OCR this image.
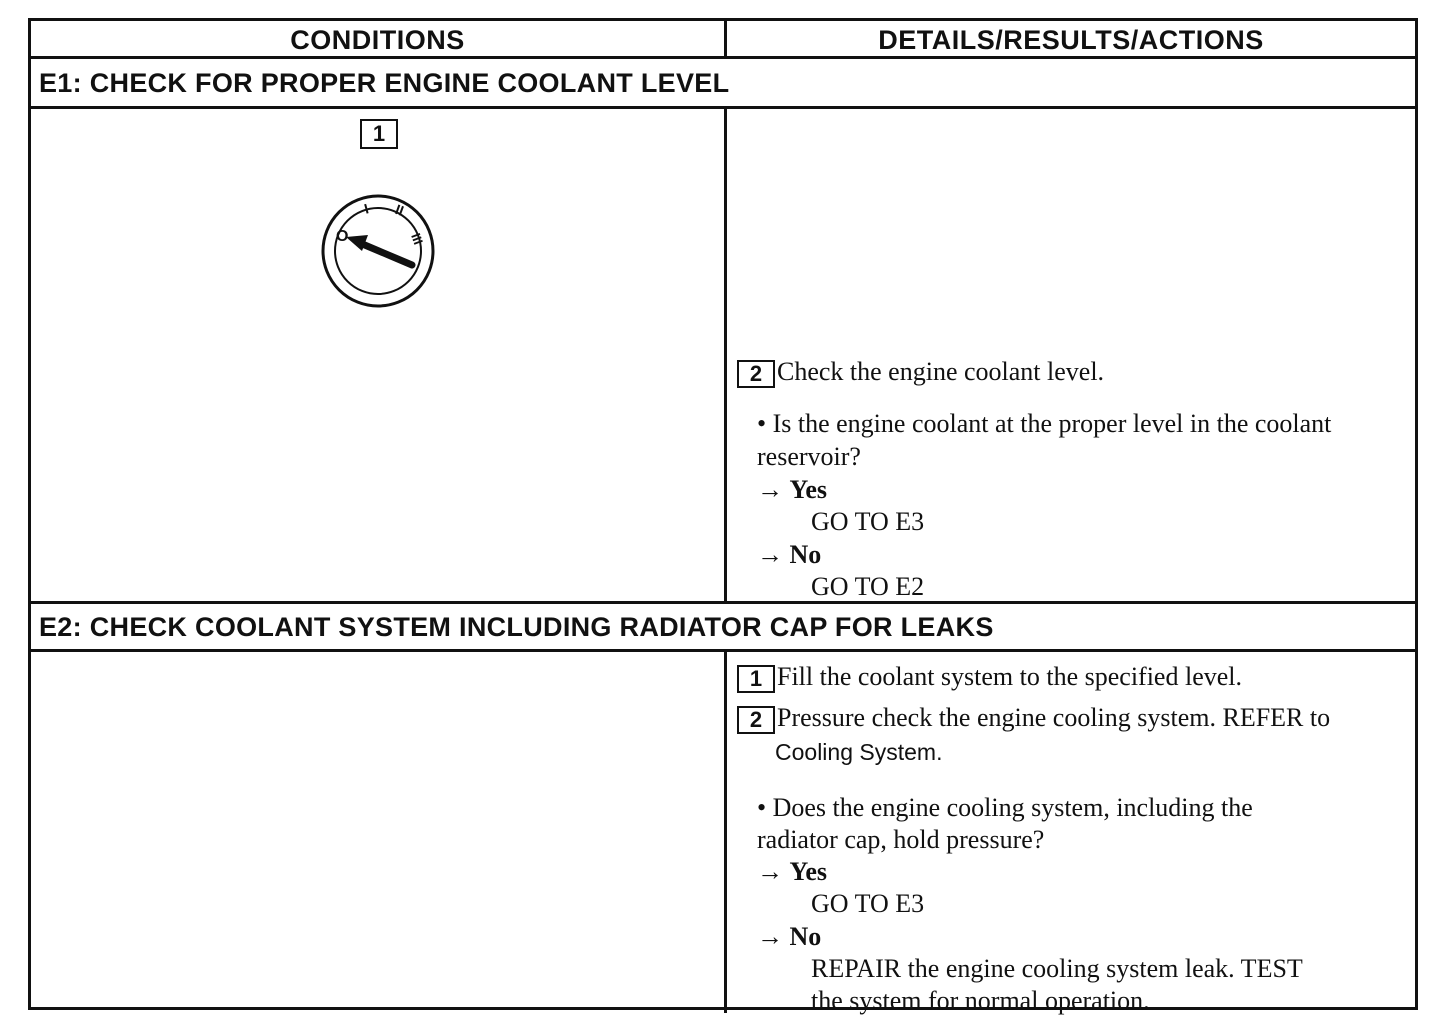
CONDITIONS	DETAILS/RESULTS/ACTIONS
E1: CHECK FOR PROPER ENGINE COOLANT LEVEL
1
O
I II
III
2 Check the engine coolant level.
• Is the engine coolant at the proper level in the coolant
reservoir?
→ Yes
GO TO E3
→ No
GO TO E2
E2: CHECK COOLANT SYSTEM INCLUDING RADIATOR CAP FOR LEAKS
1 Fill the coolant system to the specified level.
2 Pressure check the engine cooling system. REFER to
Cooling System.
• Does the engine cooling system, including the
radiator cap, hold pressure?
→ Yes
GO TO E3
→ No
REPAIR the engine cooling system leak. TEST
the system for normal operation.
